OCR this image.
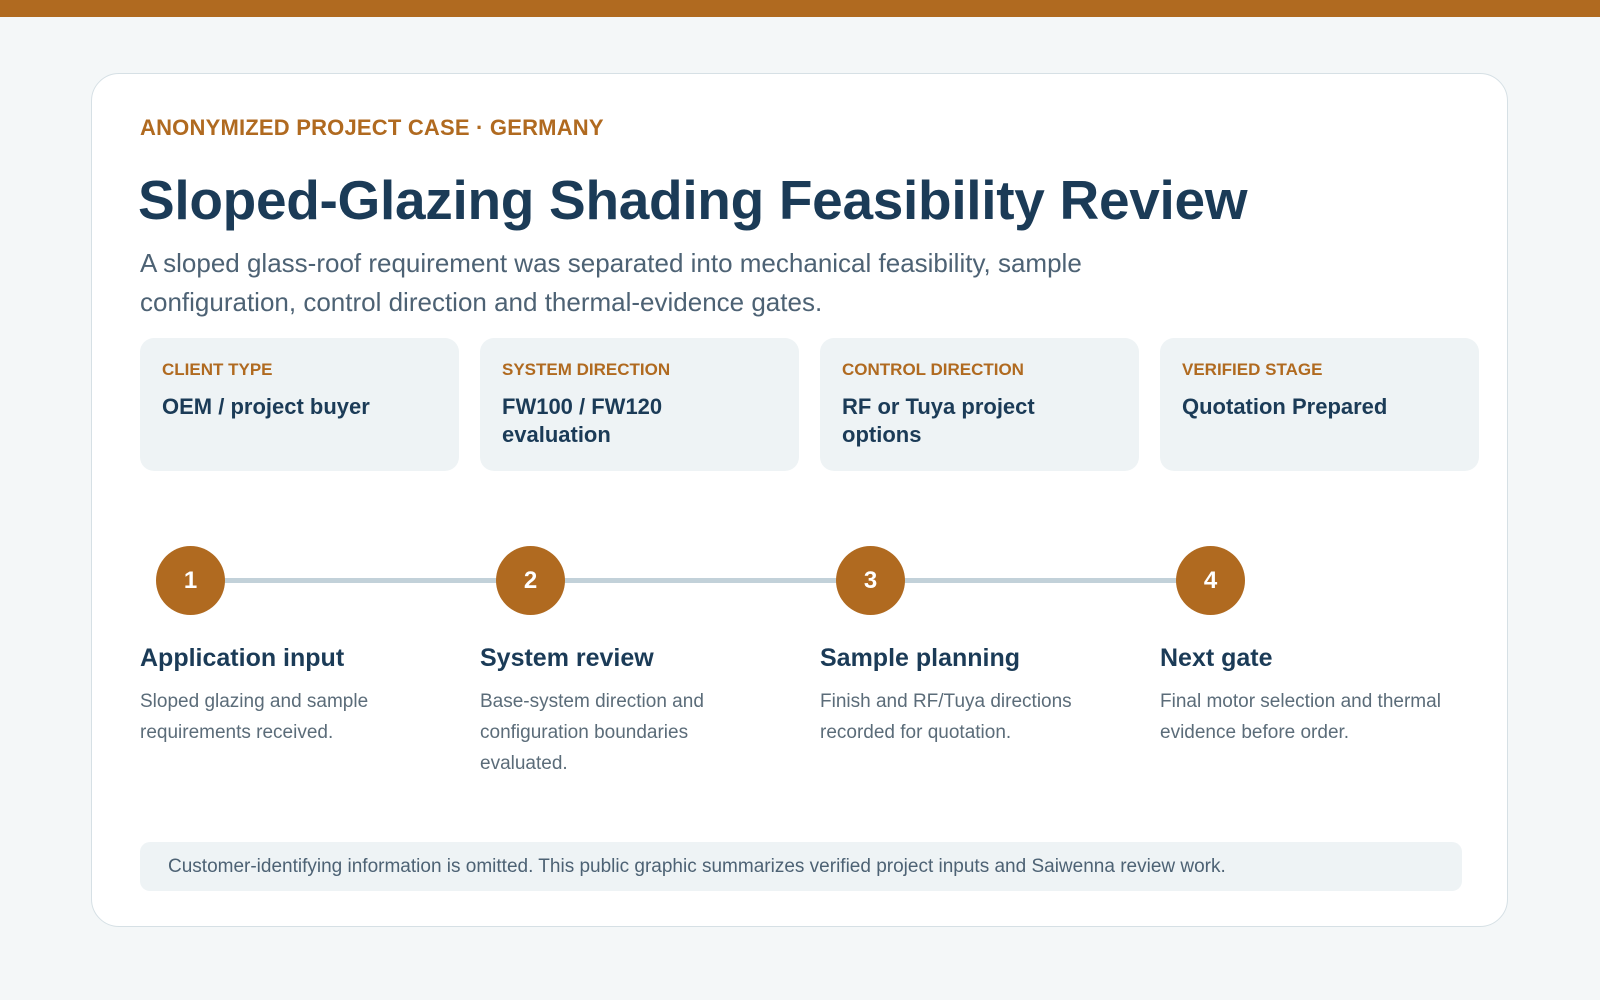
ANONYMIZED PROJECT CASE · GERMANY
Sloped-Glazing Shading Feasibility Review

A sloped glass-roof requirement was separated into mechanical feasibility, sample configuration, control direction and thermal-evidence gates.

CLIENT TYPE
OEM / project buyer
SYSTEM DIRECTION
FW100 / FW120 evaluation
CONTROL DIRECTION
RF or Tuya project options
VERIFIED STAGE
Quotation Prepared
1	2	3	4
Application input	System review	Sample planning	Next gate
Sloped glazing and sample requirements received.
Base-system direction and configuration boundaries evaluated.
Finish and RF/Tuya directions recorded for quotation.
Final motor selection and thermal evidence before order.
Customer-identifying information is omitted. This public graphic summarizes verified project inputs and Saiwenna review work.
